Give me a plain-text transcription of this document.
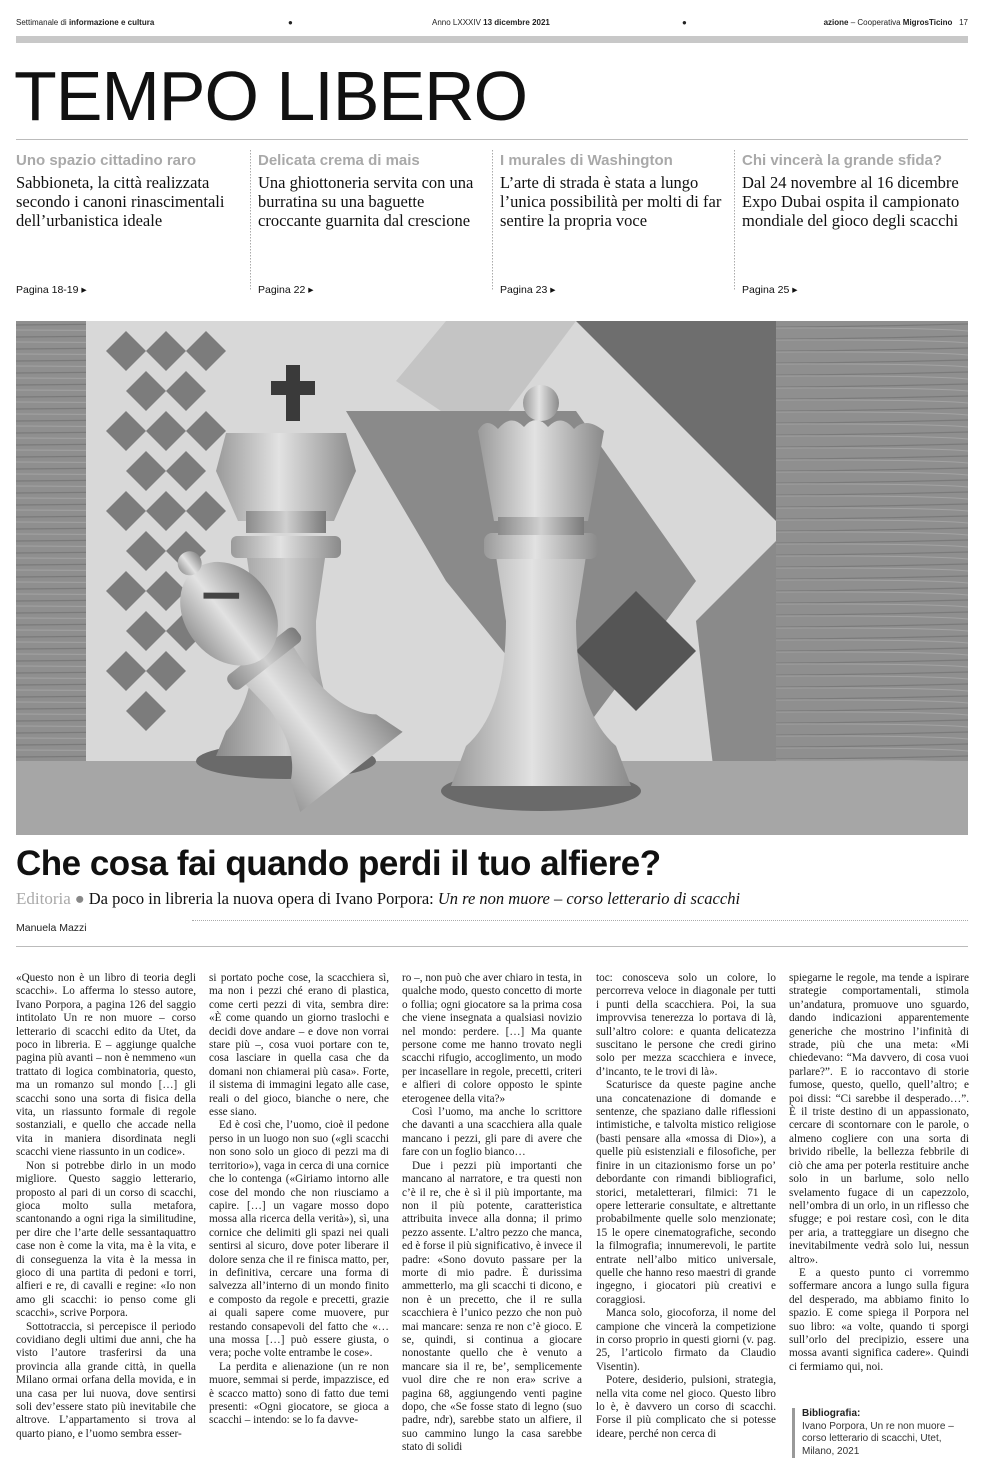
Settimanale di informazione e cultura	●	Anno LXXXIV 13 dicembre 2021	●	azione – Cooperativa MigrosTicino 17
TEMPO LIBERO
Uno spazio cittadino raro
Sabbioneta, la città realizzata secondo i canoni rinascimentali dell’urbanistica ideale
Pagina 18-19 ▸
Delicata crema di mais
Una ghiottoneria servita con una burratina su una baguette croccante guarnita dal crescione
Pagina 22 ▸
I murales di Washington
L’arte di strada è stata a lungo l’unica possibilità per molti di far sentire la propria voce
Pagina 23 ▸
Chi vincerà la grande sfida?
Dal 24 novembre al 16 dicembre Expo Dubai ospita il campionato mondiale del gioco degli scacchi
Pagina 25 ▸
Che cosa fai quando perdi il tuo alfiere?
Editoria ● Da poco in libreria la nuova opera di Ivano Porpora: Un re non muore – corso letterario di scacchi
Manuela Mazzi

«Questo non è un libro di teoria degli scacchi». Lo afferma lo stesso autore, Ivano Porpora, a pagina 126 del saggio intitolato Un re non muore – corso letterario di scacchi edito da Utet, da poco in libreria. E – aggiunge qualche pagina più avanti – non è nemmeno «un trattato di logica combinatoria, questo, ma un romanzo sul mondo […] gli scacchi sono una sorta di fisica della vita, un riassunto formale di regole sostanziali, e quello che accade nella vita in maniera disordinata negli scacchi viene riassunto in un codice».

Non si potrebbe dirlo in un modo migliore. Questo saggio letterario, proposto al pari di un corso di scacchi, gioca molto sulla metafora, scantonando a ogni riga la similitudine, per dire che l’arte delle sessantaquattro case non è come la vita, ma è la vita, e di conseguenza la vita è la messa in gioco di una partita di pedoni e torri, alfieri e re, di cavalli e regine: «Io non amo gli scacchi: io penso come gli scacchi», scrive Porpora.

Sottotraccia, si percepisce il periodo covidiano degli ultimi due anni, che ha visto l’autore trasferirsi da una provincia alla grande città, in quella Milano ormai orfana della movida, e in una casa per lui nuova, dove sentirsi soli dev’essere stato più inevitabile che altrove. L’appartamento si trova al quarto piano, e l’uomo sembra esser-

si portato poche cose, la scacchiera sì, ma non i pezzi ché erano di plastica, come certi pezzi di vita, sembra dire: «È come quando un giorno traslochi e decidi dove andare – e dove non vorrai stare più –, cosa vuoi portare con te, cosa lasciare in quella casa che da domani non chiamerai più casa». Forte, il sistema di immagini legato alle case, reali o del gioco, bianche o nere, che esse siano.

Ed è così che, l’uomo, cioè il pedone perso in un luogo non suo («gli scacchi non sono solo un gioco di pezzi ma di territorio»), vaga in cerca di una cornice che lo contenga («Giriamo intorno alle cose del mondo che non riusciamo a capire. […] un vagare mosso dopo mossa alla ricerca della verità»), sì, una cornice che delimiti gli spazi nei quali sentirsi al sicuro, dove poter liberare il dolore senza che il re finisca matto, per, in definitiva, cercare una forma di salvezza all’interno di un mondo finito e composto da regole e precetti, grazie ai quali sapere come muovere, pur restando consapevoli del fatto che «…una mossa […] può essere giusta, o vera; poche volte entrambe le cose».

La perdita e alienazione (un re non muore, semmai si perde, impazzisce, ed è scacco matto) sono di fatto due temi presenti: «Ogni giocatore, se gioca a scacchi – intendo: se lo fa davve-

ro –, non può che aver chiaro in testa, in qualche modo, questo concetto di morte o follia; ogni giocatore sa la prima cosa che viene insegnata a qualsiasi novizio nel mondo: perdere. […] Ma quante persone come me hanno trovato negli scacchi rifugio, accoglimento, un modo per incasellare in regole, precetti, criteri e alfieri di colore opposto le spinte eterogenee della vita?»

Così l’uomo, ma anche lo scrittore che davanti a una scacchiera alla quale mancano i pezzi, gli pare di avere che fare con un foglio bianco…

Due i pezzi più importanti che mancano al narratore, e tra questi non c’è il re, che è sì il più importante, ma non il più potente, caratteristica attribuita invece alla donna; il primo pezzo assente. L’altro pezzo che manca, ed è forse il più significativo, è invece il padre: «Sono dovuto passare per la morte di mio padre. È durissima ammetterlo, ma gli scacchi ti dicono, e non è un precetto, che il re sulla scacchiera è l’unico pezzo che non può mai mancare: senza re non c’è gioco. E se, quindi, si continua a giocare nonostante quello che è venuto a mancare sia il re, be’, semplicemente vuol dire che re non era» scrive a pagina 68, aggiungendo venti pagine dopo, che «Se fosse stato di legno (suo padre, ndr), sarebbe stato un alfiere, il suo cammino lungo la casa sarebbe stato di solidi

toc: conosceva solo un colore, lo percorreva veloce in diagonale per tutti i punti della scacchiera. Poi, la sua improvvisa tenerezza lo portava di là, sull’altro colore: e quanta delicatezza suscitano le persone che credi girino solo per mezza scacchiera e invece, d’incanto, te le trovi di là».

Scaturisce da queste pagine anche una concatenazione di domande e sentenze, che spaziano dalle riflessioni intimistiche, e talvolta mistico religiose (basti pensare alla «mossa di Dio»), a quelle più esistenziali e filosofiche, per finire in un citazionismo forse un po’ debordante con rimandi bibliografici, storici, metaletterari, filmici: 71 le opere letterarie consultate, e altrettante probabilmente quelle solo menzionate; 15 le opere cinematografiche, secondo la filmografia; innumerevoli, le partite entrate nell’albo mitico universale, quelle che hanno reso maestri di grande ingegno, i giocatori più creativi e coraggiosi.

Manca solo, giocoforza, il nome del campione che vincerà la competizione in corso proprio in questi giorni (v. pag. 25, l’articolo firmato da Claudio Visentin).

Potere, desiderio, pulsioni, strategia, nella vita come nel gioco. Questo libro lo è, è davvero un corso di scacchi. Forse il più complicato che si potesse ideare, perché non cerca di

spiegarne le regole, ma tende a ispirare strategie comportamentali, stimola un’andatura, promuove uno sguardo, dando indicazioni apparentemente generiche che mostrino l’infinità di strade, più che una meta: «Mi chiedevano: “Ma davvero, di cosa vuoi parlare?”. E io raccontavo di storie fumose, questo, quello, quell’altro; e poi dissi: “Ci sarebbe il desperado…”. È il triste destino di un appassionato, cercare di scontornare con le parole, o almeno cogliere con una sorta di brivido ribelle, la bellezza febbrile di ciò che ama per poterla restituire anche solo in un barlume, solo nello svelamento fugace di un capezzolo, nell’ombra di un orlo, in un riflesso che sfugge; e poi restare così, con le dita per aria, a tratteggiare un disegno che inevitabilmente vedrà solo lui, nessun altro».

E a questo punto ci vorremmo soffermare ancora a lungo sulla figura del desperado, ma abbiamo finito lo spazio. E come spiega il Porpora nel suo libro: «a volte, quando ti sporgi sull’orlo del precipizio, essere una mossa avanti significa cadere». Quindi ci fermiamo qui, noi.

Bibliografia:
Ivano Porpora, Un re non muore – corso letterario di scacchi, Utet, Milano, 2021
